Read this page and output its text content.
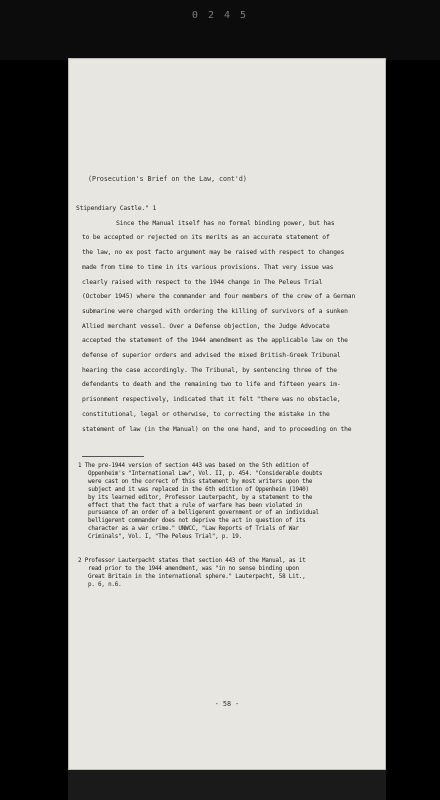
0 2 4 5
(Prosecution's Brief on the Law, cont'd)
Stipendiary Castle." 1
Since the Manual itself has no formal binding power, but has
to be accepted or rejected on its merits as an accurate statement of
the law, no ex post facto argument may be raised with respect to changes
made from time to time in its various provisions. That very issue was
clearly raised with respect to the 1944 change in The Peleus Trial
(October 1945) where the commander and four members of the crew of a German
submarine were charged with ordering the killing of survivors of a sunken
Allied merchant vessel. Over a Defense objection, the Judge Advocate
accepted the statement of the 1944 amendment as the applicable law on the
defense of superior orders and advised the mixed British-Greek Tribunal
hearing the case accordingly. The Tribunal, by sentencing three of the
defendants to death and the remaining two to life and fifteen years im-
prisonment respectively, indicated that it felt "there was no obstacle,
constitutional, legal or otherwise, to correcting the mistake in the
statement of law (in the Manual) on the one hand, and to proceeding on the
1 The pre-1944 version of section 443 was based on the 5th edition of
Oppenheim's "International Law", Vol. II, p. 454. "Considerable doubts
were cast on the correct of this statement by most writers upon the
subject and it was replaced in the 6th edition of Oppenheim (1940)
by its learned editor, Professor Lauterpacht, by a statement to the
effect that the fact that a rule of warfare has been violated in
pursuance of an order of a belligerent government or of an individual
belligerent commander does not deprive the act in question of its
character as a war crime." UNWCC, "Law Reports of Trials of War
Criminals", Vol. I, "The Peleus Trial", p. 19.
2 Professor Lauterpacht states that section 443 of the Manual, as it
read prior to the 1944 amendment, was "in no sense binding upon
Great Britain in the international sphere." Lauterpacht, 58 Lit.,
p. 6, n.6.
- 58 -
